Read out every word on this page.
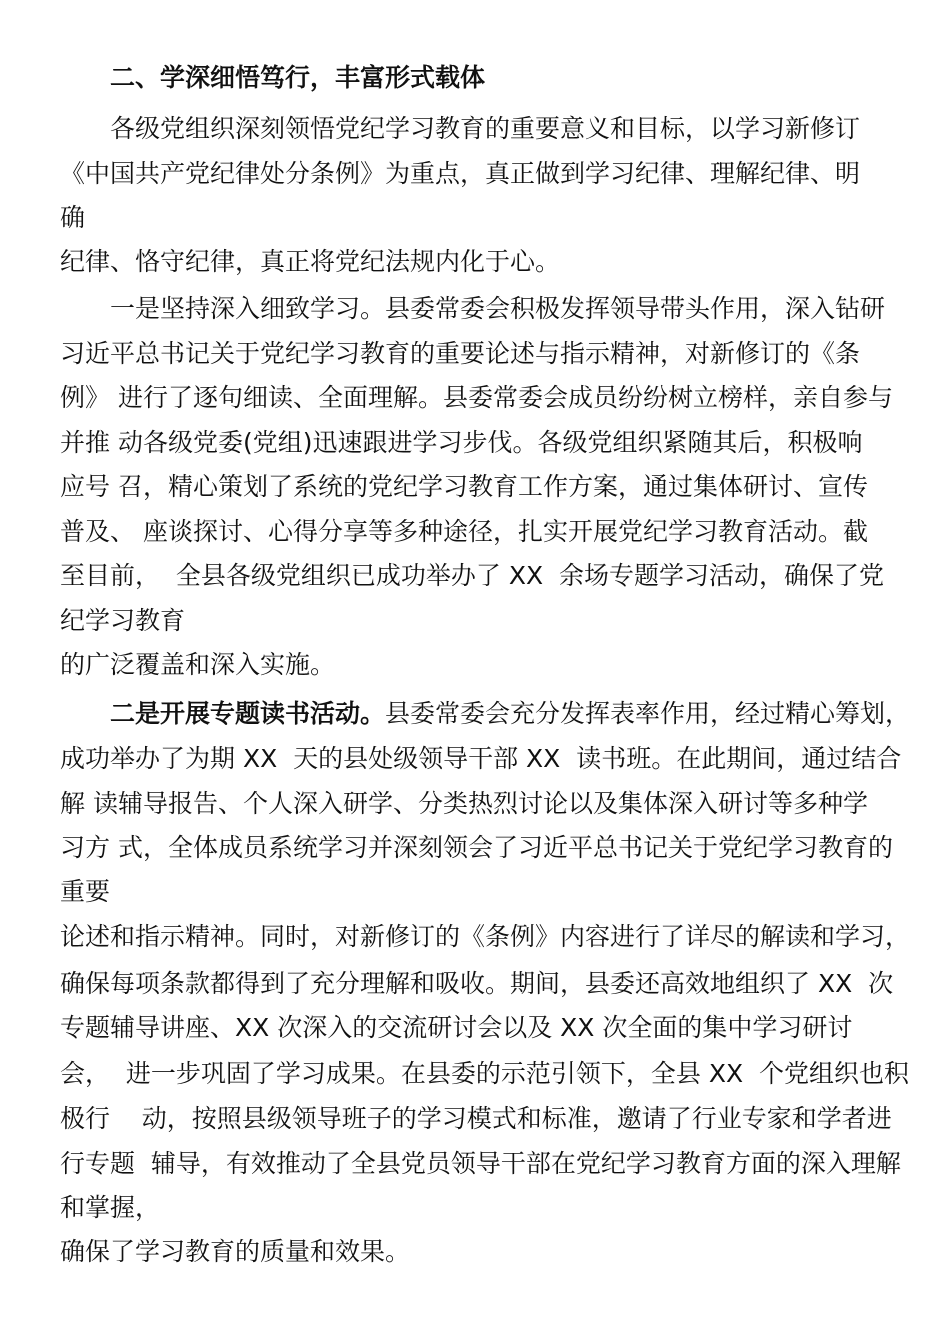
二、学深细悟笃行，丰富形式载体
各级党组织深刻领悟党纪学习教育的重要意义和目标，以学习新修订
《中国共产党纪律处分条例》为重点，真正做到学习纪律、理解纪律、明
确
纪律、恪守纪律，真正将党纪法规内化于心。
一是坚持深入细致学习。县委常委会积极发挥领导带头作用，深入钻研
习近平总书记关于党纪学习教育的重要论述与指示精神，对新修订的《条
例》 进行了逐句细读、全面理解。县委常委会成员纷纷树立榜样，亲自参与
并推 动各级党委(党组)迅速跟进学习步伐。各级党组织紧随其后，积极响
应号 召，精心策划了系统的党纪学习教育工作方案，通过集体研讨、宣传
普及、 座谈探讨、心得分享等多种途径，扎实开展党纪学习教育活动。截
至目前，  全县各级党组织已成功举办了 XX  余场专题学习活动，确保了党
纪学习教育
的广泛覆盖和深入实施。
二是开展专题读书活动。县委常委会充分发挥表率作用，经过精心筹划，
成功举办了为期 XX  天的县处级领导干部 XX  读书班。在此期间，通过结合
解 读辅导报告、个人深入研学、分类热烈讨论以及集体深入研讨等多种学
习方 式，全体成员系统学习并深刻领会了习近平总书记关于党纪学习教育的
重要
论述和指示精神。同时，对新修订的《条例》内容进行了详尽的解读和学习，
确保每项条款都得到了充分理解和吸收。期间，县委还高效地组织了 XX  次
专题辅导讲座、XX 次深入的交流研讨会以及 XX 次全面的集中学习研讨
会，  进一步巩固了学习成果。在县委的示范引领下，全县 XX  个党组织也积
极行    动，按照县级领导班子的学习模式和标准，邀请了行业专家和学者进
行专题  辅导，有效推动了全县党员领导干部在党纪学习教育方面的深入理解
和掌握，
确保了学习教育的质量和效果。
